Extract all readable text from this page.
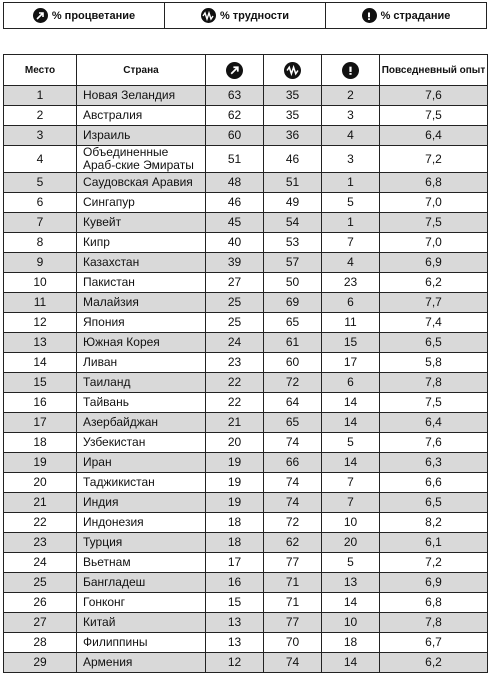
% процветание	% трудности	% страдание
Место	Страна				Повседневный опыт
1	Новая Зеландия	63	35	2	7,6
2	Австралия	62	35	3	7,5
3	Израиль	60	36	4	6,4
4	Объединенные Араб-ские Эмираты	51	46	3	7,2
5	Саудовская Аравия	48	51	1	6,8
6	Сингапур	46	49	5	7,0
7	Кувейт	45	54	1	7,5
8	Кипр	40	53	7	7,0
9	Казахстан	39	57	4	6,9
10	Пакистан	27	50	23	6,2
11	Малайзия	25	69	6	7,7
12	Япония	25	65	11	7,4
13	Южная Корея	24	61	15	6,5
14	Ливан	23	60	17	5,8
15	Таиланд	22	72	6	7,8
16	Тайвань	22	64	14	7,5
17	Азербайджан	21	65	14	6,4
18	Узбекистан	20	74	5	7,6
19	Иран	19	66	14	6,3
20	Таджикистан	19	74	7	6,6
21	Индия	19	74	7	6,5
22	Индонезия	18	72	10	8,2
23	Турция	18	62	20	6,1
24	Вьетнам	17	77	5	7,2
25	Бангладеш	16	71	13	6,9
26	Гонконг	15	71	14	6,8
27	Китай	13	77	10	7,8
28	Филиппины	13	70	18	6,7
29	Армения	12	74	14	6,2
